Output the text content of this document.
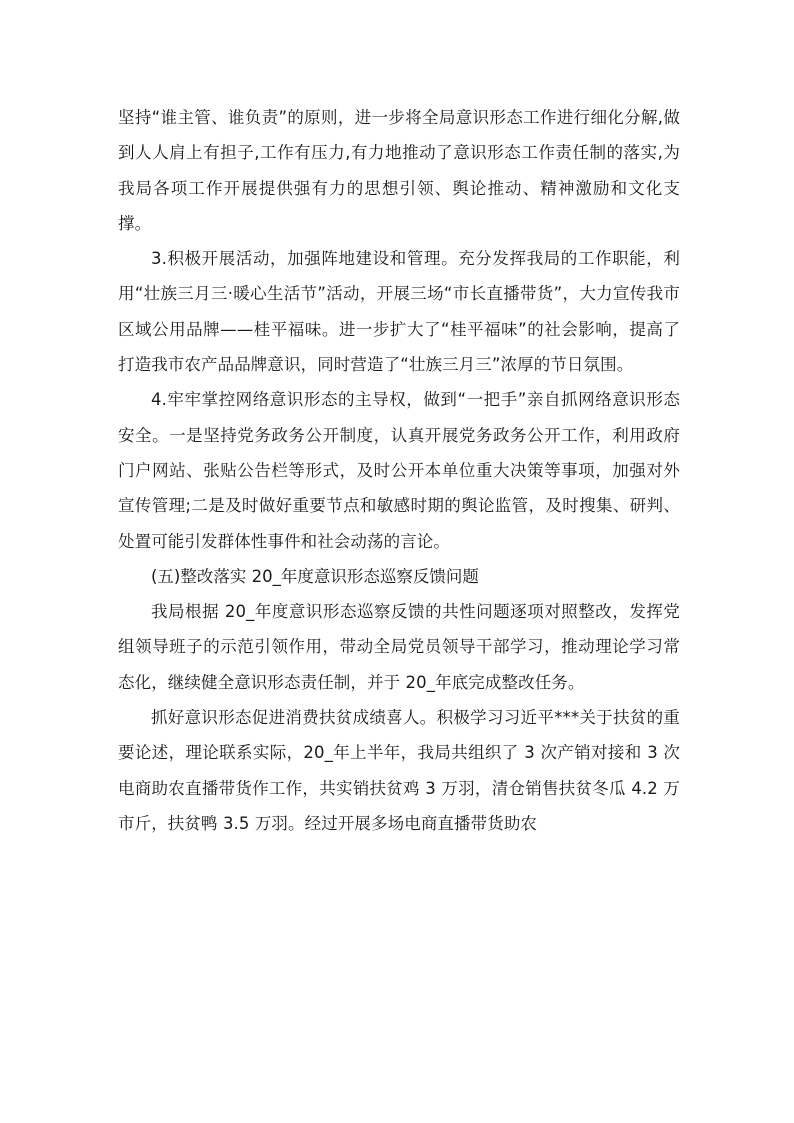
坚持“谁主管、谁负责”的原则，进一步将全局意识形态工作进行细化分解,做到人人肩上有担子,工作有压力,有力地推动了意识形态工作责任制的落实,为我局各项工作开展提供强有力的思想引领、舆论推动、精神激励和文化支撑。

3.积极开展活动，加强阵地建设和管理。充分发挥我局的工作职能，利用“壮族三月三·暖心生活节”活动，开展三场“市长直播带货”，大力宣传我市区域公用品牌——桂平福味。进一步扩大了“桂平福味”的社会影响，提高了打造我市农产品品牌意识，同时营造了“壮族三月三”浓厚的节日氛围。

4.牢牢掌控网络意识形态的主导权，做到“一把手”亲自抓网络意识形态安全。一是坚持党务政务公开制度，认真开展党务政务公开工作，利用政府门户网站、张贴公告栏等形式，及时公开本单位重大决策等事项，加强对外宣传管理;二是及时做好重要节点和敏感时期的舆论监管，及时搜集、研判、处置可能引发群体性事件和社会动荡的言论。

(五)整改落实 20_年度意识形态巡察反馈问题

我局根据 20_年度意识形态巡察反馈的共性问题逐项对照整改，发挥党组领导班子的示范引领作用，带动全局党员领导干部学习，推动理论学习常态化，继续健全意识形态责任制，并于 20_年底完成整改任务。

抓好意识形态促进消费扶贫成绩喜人。积极学习习近平***关于扶贫的重要论述，理论联系实际，20_年上半年，我局共组织了 3 次产销对接和 3 次电商助农直播带货作工作，共实销扶贫鸡 3 万羽，清仓销售扶贫冬瓜 4.2 万市斤，扶贫鸭 3.5 万羽。经过开展多场电商直播带货助农
